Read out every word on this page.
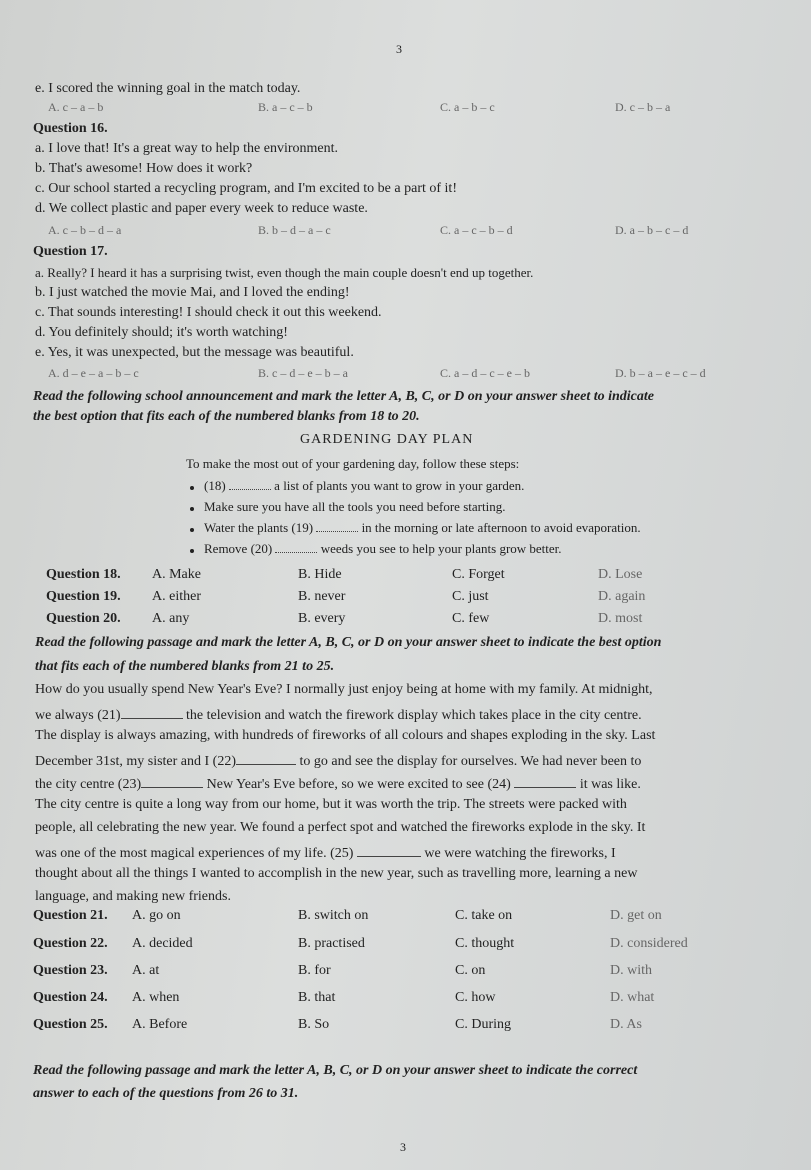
3
e. I scored the winning goal in the match today.
A. c – a – b	B. a – c – b	C. a – b – c	D. c – b – a
Question 16.
a. I love that! It's a great way to help the environment.
b. That's awesome! How does it work?
c. Our school started a recycling program, and I'm excited to be a part of it!
d. We collect plastic and paper every week to reduce waste.
A. c – b – d – a	B. b – d – a – c	C. a – c – b – d	D. a – b – c – d
Question 17.
a. Really? I heard it has a surprising twist, even though the main couple doesn't end up together.
b. I just watched the movie Mai, and I loved the ending!
c. That sounds interesting! I should check it out this weekend.
d. You definitely should; it's worth watching!
e. Yes, it was unexpected, but the message was beautiful.
A. d – e – a – b – c	B. c – d – e – b – a	C. a – d – c – e – b	D. b – a – e – c – d
Read the following school announcement and mark the letter A, B, C, or D on your answer sheet to indicate
the best option that fits each of the numbered blanks from 18 to 20.
GARDENING DAY PLAN
To make the most out of your gardening day, follow these steps:
(18)	a list of plants you want to grow in your garden.
Make sure you have all the tools you need before starting.
Water the plants (19)	in the morning or late afternoon to avoid evaporation.
Remove (20)	weeds you see to help your plants grow better.
Question 18. A. Make	B. Hide	C. Forget	D. Lose
Question 19. A. either	B. never	C. just	D. again
Question 20. A. any	B. every	C. few	D. most
Read the following passage and mark the letter A, B, C, or D on your answer sheet to indicate the best option
that fits each of the numbered blanks from 21 to 25.
How do you usually spend New Year's Eve? I normally just enjoy being at home with my family. At midnight,
we always (21)	the television and watch the firework display which takes place in the city centre.
The display is always amazing, with hundreds of fireworks of all colours and shapes exploding in the sky. Last
December 31st, my sister and I (22)	to go and see the display for ourselves. We had never been to
the city centre (23)	New Year's Eve before, so we were excited to see (24)	it was like.
The city centre is quite a long way from our home, but it was worth the trip. The streets were packed with
people, all celebrating the new year. We found a perfect spot and watched the fireworks explode in the sky. It
was one of the most magical experiences of my life. (25)	we were watching the fireworks, I
thought about all the things I wanted to accomplish in the new year, such as travelling more, learning a new
language, and making new friends.
Question 21. A. go on	B. switch on	C. take on	D. get on
Question 22. A. decided	B. practised	C. thought	D. considered
Question 23. A. at	B. for	C. on	D. with
Question 24. A. when	B. that	C. how	D. what
Question 25. A. Before	B. So	C. During	D. As
Read the following passage and mark the letter A, B, C, or D on your answer sheet to indicate the correct
answer to each of the questions from 26 to 31.
3
